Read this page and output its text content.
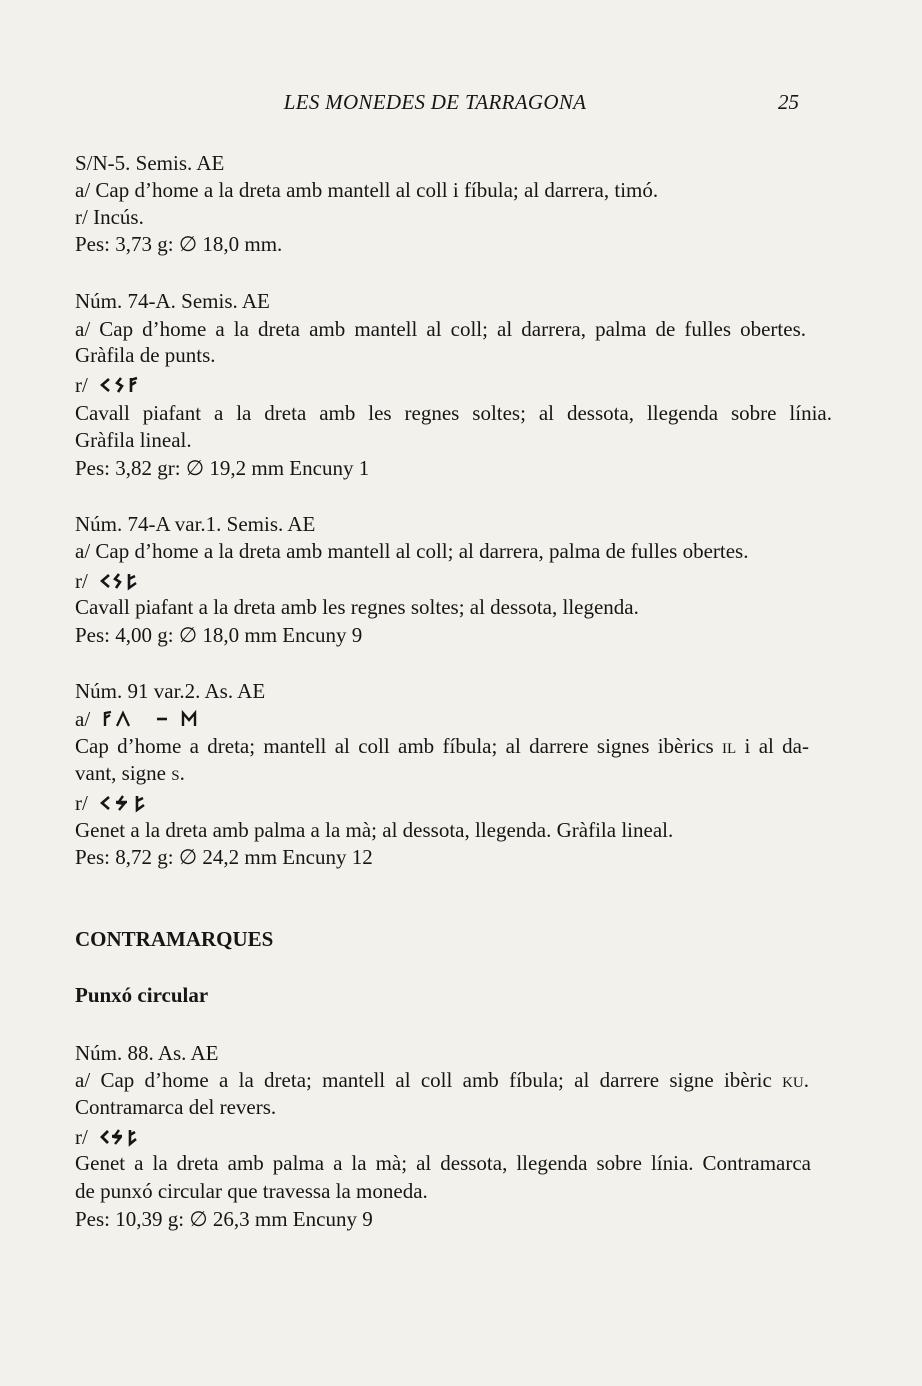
LES MONEDES DE TARRAGONA	25
S/N-5. Semis. AE
a/ Cap d’home a la dreta amb mantell al coll i fíbula; al darrera, timó.
r/ Incús.
Pes: 3,73 g: ∅ 18,0 mm.
Núm. 74-A. Semis. AE
a/ Cap d’home a la dreta amb mantell al coll; al darrera, palma de fulles obertes.
Gràfila de punts.
r/
Cavall piafant a la dreta amb les regnes soltes; al dessota, llegenda sobre línia.
Gràfila lineal.
Pes: 3,82 gr: ∅ 19,2 mm Encuny 1
Núm. 74-A var.1. Semis. AE
a/ Cap d’home a la dreta amb mantell al coll; al darrera, palma de fulles obertes.
r/
Cavall piafant a la dreta amb les regnes soltes; al dessota, llegenda.
Pes: 4,00 g: ∅ 18,0 mm Encuny 9
Núm. 91 var.2. As. AE
a/
Cap d’home a dreta; mantell al coll amb fíbula; al darrere signes ibèrics IL i al da-
vant, signe S.
r/
Genet a la dreta amb palma a la mà; al dessota, llegenda. Gràfila lineal.
Pes: 8,72 g: ∅ 24,2 mm Encuny 12
CONTRAMARQUES
Punxó circular
Núm. 88. As. AE
a/ Cap d’home a la dreta; mantell al coll amb fíbula; al darrere signe ibèric KU.
Contramarca del revers.
r/
Genet a la dreta amb palma a la mà; al dessota, llegenda sobre línia. Contramarca
de punxó circular que travessa la moneda.
Pes: 10,39 g: ∅ 26,3 mm Encuny 9
